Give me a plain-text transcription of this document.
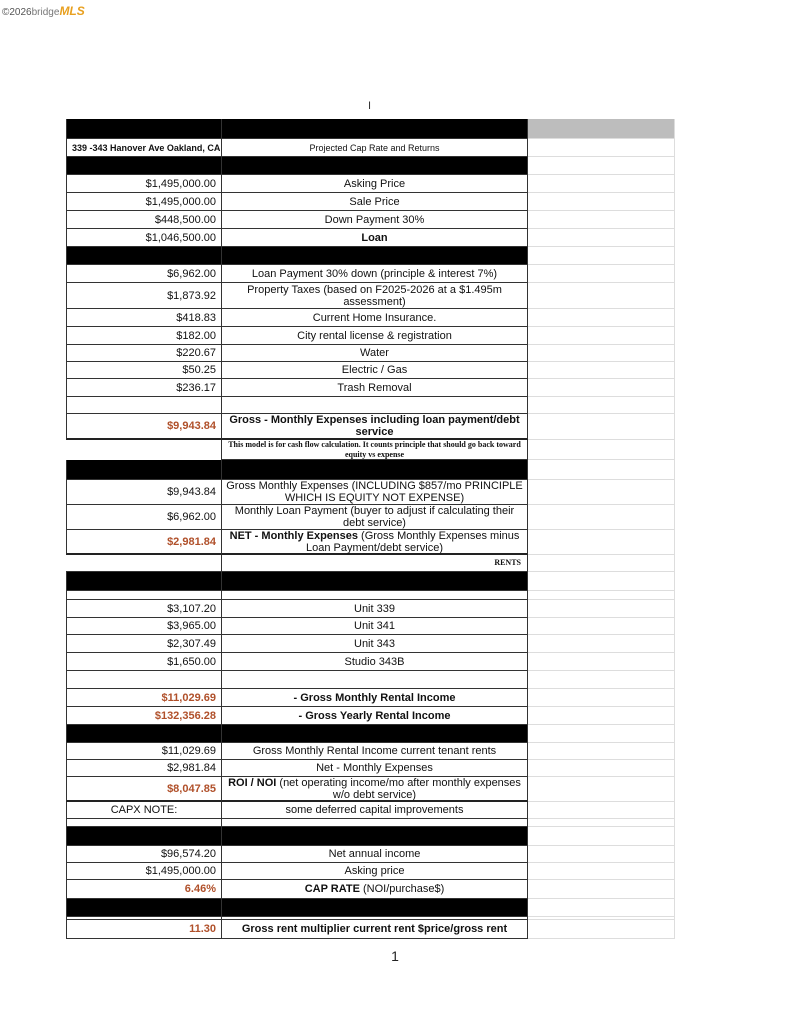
©2026bridgeMLS
I
339 -343 Hanover Ave Oakland, CA	Projected Cap Rate and Returns
$1,495,000.00	Asking Price
$1,495,000.00	Sale Price
$448,500.00	Down Payment 30%
$1,046,500.00	Loan
$6,962.00	Loan Payment 30% down (principle & interest 7%)
$1,873.92	Property Taxes (based on F2025-2026 at a $1.495m assessment)
$418.83	Current Home Insurance.
$182.00	City rental license & registration
$220.67	Water
$50.25	Electric / Gas
$236.17	Trash Removal
$9,943.84	Gross - Monthly Expenses including loan payment/debt service
This model is for cash flow calculation. It counts principle that should go back toward equity vs expense
$9,943.84 Gross Monthly Expenses (INCLUDING $857/mo PRINCIPLE WHICH IS EQUITY NOT EXPENSE)
$6,962.00	Monthly Loan Payment (buyer to adjust if calculating their debt service)
$2,981.84	NET - Monthly Expenses (Gross Monthly Expenses minus Loan Payment/debt service)
RENTS
$3,107.20	Unit 339
$3,965.00	Unit 341
$2,307.49	Unit 343
$1,650.00	Studio 343B
$11,029.69	- Gross Monthly Rental Income
$132,356.28	- Gross Yearly Rental Income
$11,029.69	Gross Monthly Rental Income current tenant rents
$2,981.84	Net - Monthly Expenses
$8,047.85	ROI / NOI (net operating income/mo after monthly expenses w/o debt service)
CAPX NOTE:	some deferred capital improvements
$96,574.20	Net annual income
$1,495,000.00	Asking price
6.46%	CAP RATE (NOI/purchase$)
11.30	Gross rent multiplier current rent $price/gross rent
1
